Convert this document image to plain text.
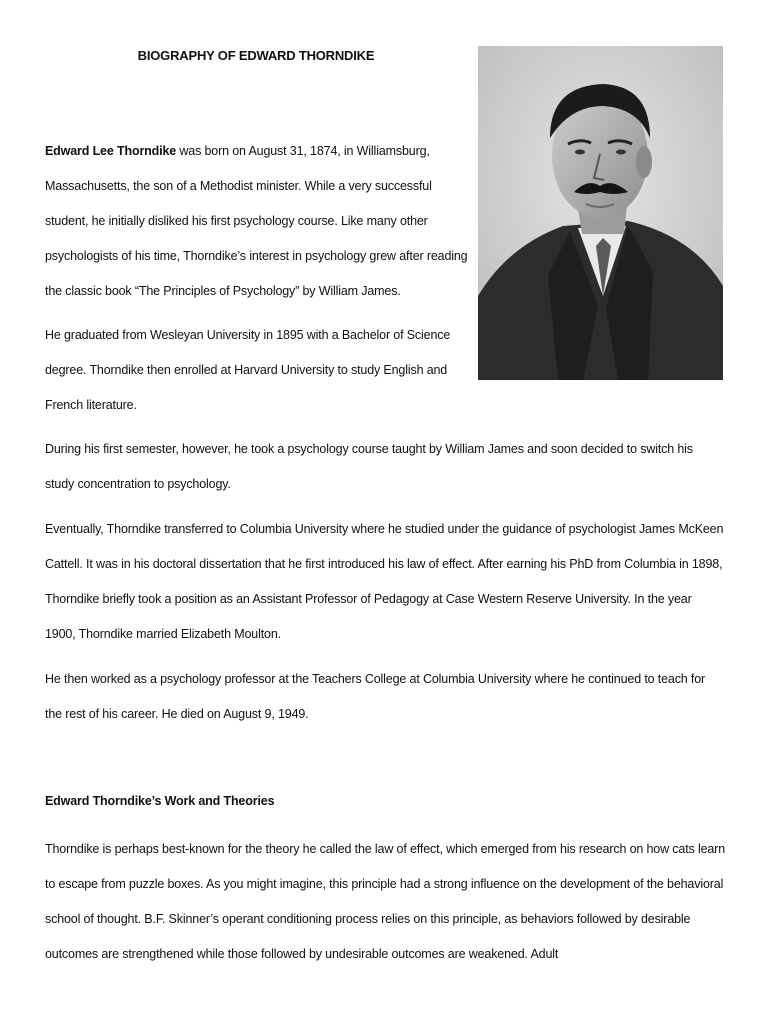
BIOGRAPHY OF EDWARD THORNDIKE

Edward Lee Thorndike was born on August 31, 1874, in Williamsburg, Massachusetts, the son of a Methodist minister. While a very successful student, he initially disliked his first psychology course. Like many other psychologists of his time, Thorndike’s interest in psychology grew after reading the classic book “The Principles of Psychology” by William James.

He graduated from Wesleyan University in 1895 with a Bachelor of Science degree. Thorndike then enrolled at Harvard University to study English and French literature.

During his first semester, however, he took a psychology course taught by William James and soon decided to switch his study concentration to psychology.

Eventually, Thorndike transferred to Columbia University where he studied under the guidance of psychologist James McKeen Cattell. It was in his doctoral dissertation that he first introduced his law of effect. After earning his PhD from Columbia in 1898, Thorndike briefly took a position as an Assistant Professor of Pedagogy at Case Western Reserve University. In the year 1900, Thorndike married Elizabeth Moulton.

He then worked as a psychology professor at the Teachers College at Columbia University where he continued to teach for the rest of his career. He died on August 9, 1949.

Edward Thorndike’s Work and Theories

Thorndike is perhaps best-known for the theory he called the law of effect, which emerged from his research on how cats learn to escape from puzzle boxes. As you might imagine, this principle had a strong influence on the development of the behavioral school of thought. B.F. Skinner’s operant conditioning process relies on this principle, as behaviors followed by desirable outcomes are strengthened while those followed by undesirable outcomes are weakened. Adult
